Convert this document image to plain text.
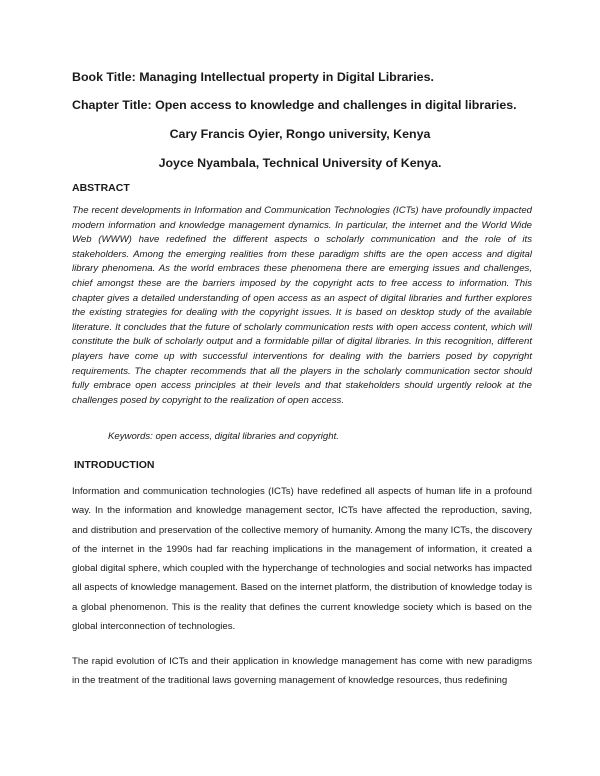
Book Title: Managing Intellectual property in Digital Libraries.
Chapter Title: Open access to knowledge and challenges in digital libraries.
Cary Francis Oyier, Rongo university, Kenya
Joyce Nyambala, Technical University of Kenya.
ABSTRACT

The recent developments in Information and Communication Technologies (ICTs) have profoundly impacted modern information and knowledge management dynamics. In particular, the internet and the World Wide Web (WWW) have redefined the different aspects o scholarly communication and the role of its stakeholders. Among the emerging realities from these paradigm shifts are the open access and digital library phenomena. As the world embraces these phenomena there are emerging issues and challenges, chief amongst these are the barriers imposed by the copyright acts to free access to information. This chapter gives a detailed understanding of open access as an aspect of digital libraries and further explores the existing strategies for dealing with the copyright issues. It is based on desktop study of the available literature. It concludes that the future of scholarly communication rests with open access content, which will constitute the bulk of scholarly output and a formidable pillar of digital libraries. In this recognition, different players have come up with successful interventions for dealing with the barriers posed by copyright requirements. The chapter recommends that all the players in the scholarly communication sector should fully embrace open access principles at their levels and that stakeholders should urgently relook at the challenges posed by copyright to the realization of open access.

Keywords: open access, digital libraries and copyright.
INTRODUCTION

Information and communication technologies (ICTs) have redefined all aspects of human life in a profound way. In the information and knowledge management sector, ICTs have affected the reproduction, saving, and distribution and preservation of the collective memory of humanity. Among the many ICTs, the discovery of the internet in the 1990s had far reaching implications in the management of information, it created a global digital sphere, which coupled with the hyperchange of technologies and social networks has impacted all aspects of knowledge management. Based on the internet platform, the distribution of knowledge today is a global phenomenon. This is the reality that defines the current knowledge society which is based on the global interconnection of technologies.

The rapid evolution of ICTs and their application in knowledge management has come with new paradigms in the treatment of the traditional laws governing management of knowledge resources, thus redefining
